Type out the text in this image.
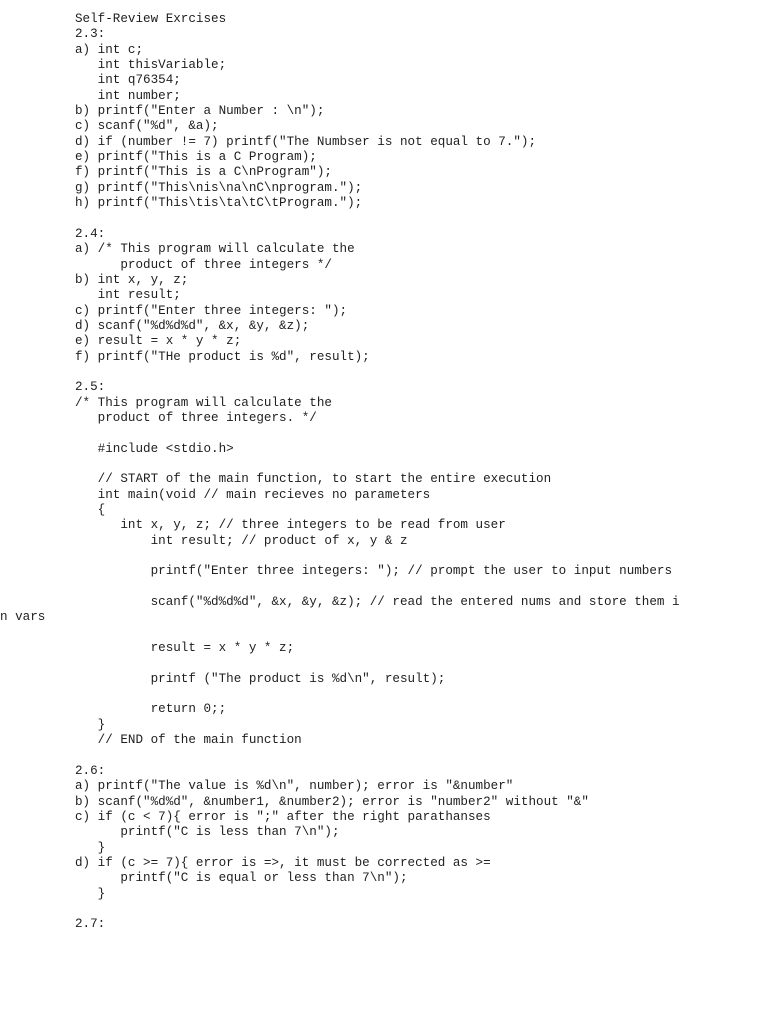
Self-Review Exrcises
2.3:
a) int c;
int thisVariable;
int q76354;
int number;
b) printf("Enter a Number : \n");
c) scanf("%d", &a);
d) if (number != 7) printf("The Numbser is not equal to 7.");
e) printf("This is a C Program);
f) printf("This is a C\nProgram");
g) printf("This\nis\na\nC\nprogram.");
h) printf("This\tis\ta\tC\tProgram.");
2.4:
a) /* This program will calculate the
product of three integers */
b) int x, y, z;
int result;
c) printf("Enter three integers: ");
d) scanf("%d%d%d", &x, &y, &z);
e) result = x * y * z;
f) printf("THe product is %d", result);
2.5:
/* This program will calculate the
product of three integers. */
#include <stdio.h>
// START of the main function, to start the entire execution
int main(void // main recieves no parameters
{
int x, y, z; // three integers to be read from user
int result; // product of x, y & z
printf("Enter three integers: "); // prompt the user to input numbers
scanf("%d%d%d", &x, &y, &z); // read the entered nums and store them i
n vars
result = x * y * z;
printf ("The product is %d\n", result);
return 0;;
}
// END of the main function
2.6:
a) printf("The value is %d\n", number); error is "&number"
b) scanf("%d%d", &number1, &number2); error is "number2" without "&"
c) if (c < 7){ error is ";" after the right parathanses
printf("C is less than 7\n");
}
d) if (c >= 7){ error is =>, it must be corrected as >=
printf("C is equal or less than 7\n");
}
2.7:
